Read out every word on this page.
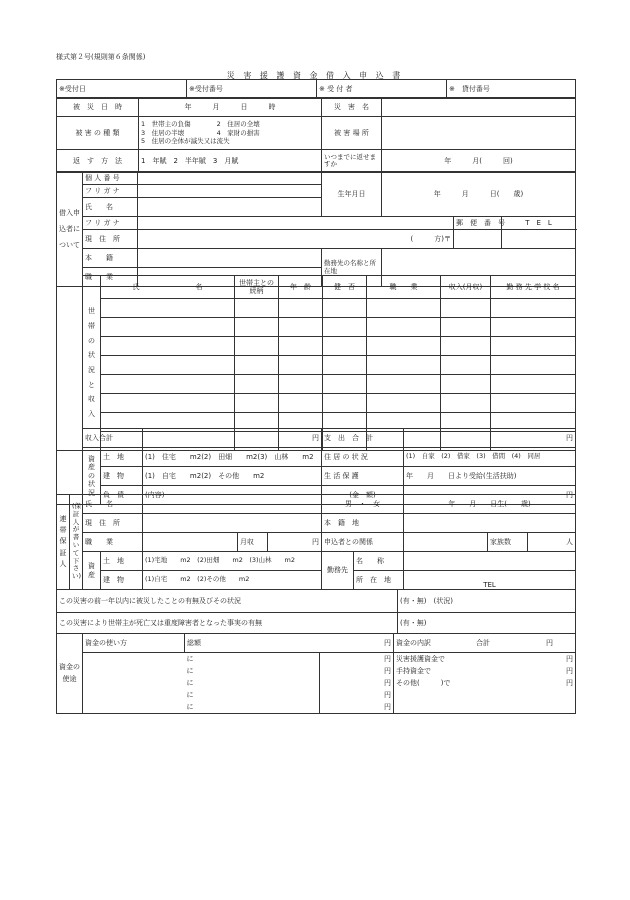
様式第２号(規則第６条関係)
災 害 援 護 資 金 借 入 申 込 書
※受付日	※受付番号	※ 受 付 者	※　貸付番号
被　災　日　時	年　　　月　　　日　　　時	災　害　名	
被 害 の 種 類	1　世帯主の負傷　　　　2　住居の全壊
3　住居の半壊　　　　　4　家財の損害
5　住居の全体が滅失又は流失	被 害 場 所	
返　す　方　法	1　年賦　2　半年賦　3　月賦	いつまでに返せますか	年　　　月(　　　回)
借入申込者について	個 人 番 号		生年月日	年　　　月　　　日(　　歳)		
	フ リ ガ ナ					
	氏　　名					
	フ リ ガ ナ				郵　便　番　号	T　E　L
	現　住　所	(　　　方)〒				
	本　　籍		勤務先の名称と所在地			
	職　　業					
	世帯の状況と収入	氏　　　　　　　　名	世帯主との続柄	年　齢	健　否	職　　業	収入(月収)	勤 務 先 学 校 名

	収入合計		円	支　出　合　計	円
	資産の状況	土　地	(1)　住宅　　m2(2)　田畑　　m2(3)　山林　　m2	住 居 の 状 況	(1)　自家　(2)　借家　(3)　借間　(4)　同居
		建　物	(1)　自宅　　m2(2)　その他　　m2	生 活 保 護	年　　月　　日より受給(生活扶助)
		負　債	(内容)	(金　額)	円
連帯保証人	(保証人が書いて下さい)	氏　　名					男　・　女		年　　月　　日生(　　歳)		
		現　住　所					本　籍　地				
		職　　業			月収	円	申込者との関係			家族数	人
		資　産	土　地	(1)宅地　　m2　(2)田畑　　m2　(3)山林　　m2			勤務先	名　　称			
			建　物	(1)自宅　　m2　(2)その他　　m2				所　在　地	TEL		
この災害の前一年以内に被災したことの有無及びその状況	(有・無)　(状況)
この災害により世帯主が死亡又は重度障害者となった事実の有無	(有・無)
資金の使途	資金の使い方	総額	円	資金の内訳 合計 円
		に	円	災害援護資金で 円

		に	円	手持資金で 円

		に	円	その他(　　　)で 円

		に	円	
		に	円	
